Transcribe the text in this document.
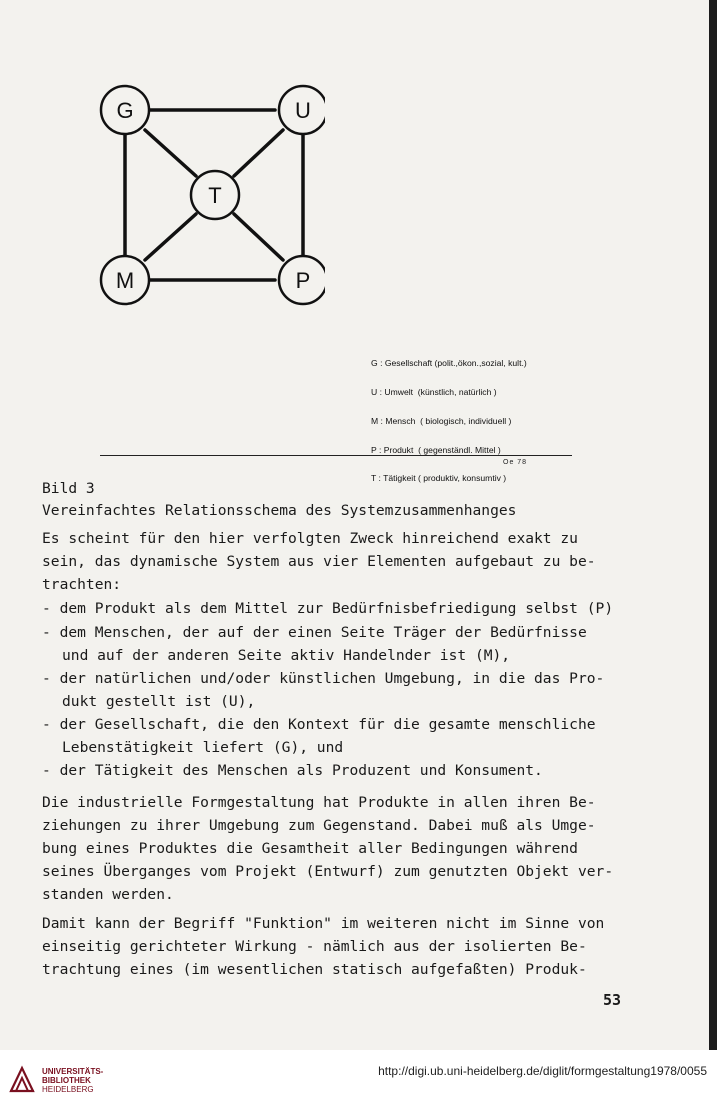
G	U
T
M	P

G : Gesellschaft (polit.,ökon.,sozial, kult.)

U : Umwelt  (künstlich, natürlich )

M : Mensch  ( biologisch, individuell )

P : Produkt  ( gegenständl. Mittel )

T : Tätigkeit ( produktiv, konsumtiv )

Oe 78
Bild 3
Vereinfachtes Relationsschema des Systemzusammenhanges
Es scheint für den hier verfolgten Zweck hinreichend exakt zu
sein, das dynamische System aus vier Elementen aufgebaut zu be-
trachten:
- dem Produkt als dem Mittel zur Bedürfnisbefriedigung selbst (P)
- dem Menschen, der auf der einen Seite Träger der Bedürfnisse
und auf der anderen Seite aktiv Handelnder ist (M),
- der natürlichen und/oder künstlichen Umgebung, in die das Pro-
dukt gestellt ist (U),
- der Gesellschaft, die den Kontext für die gesamte menschliche
Lebenstätigkeit liefert (G), und
- der Tätigkeit des Menschen als Produzent und Konsument.
Die industrielle Formgestaltung hat Produkte in allen ihren Be-
ziehungen zu ihrer Umgebung zum Gegenstand. Dabei muß als Umge-
bung eines Produktes die Gesamtheit aller Bedingungen während
seines Überganges vom Projekt (Entwurf) zum genutzten Objekt ver-
standen werden.
Damit kann der Begriff "Funktion" im weiteren nicht im Sinne von
einseitig gerichteter Wirkung - nämlich aus der isolierten Be-
trachtung eines (im wesentlichen statisch aufgefaßten) Produk-
53
UNIVERSITÄTS-
BIBLIOTHEK
HEIDELBERG
http://digi.ub.uni-heidelberg.de/diglit/formgestaltung1978/0055
